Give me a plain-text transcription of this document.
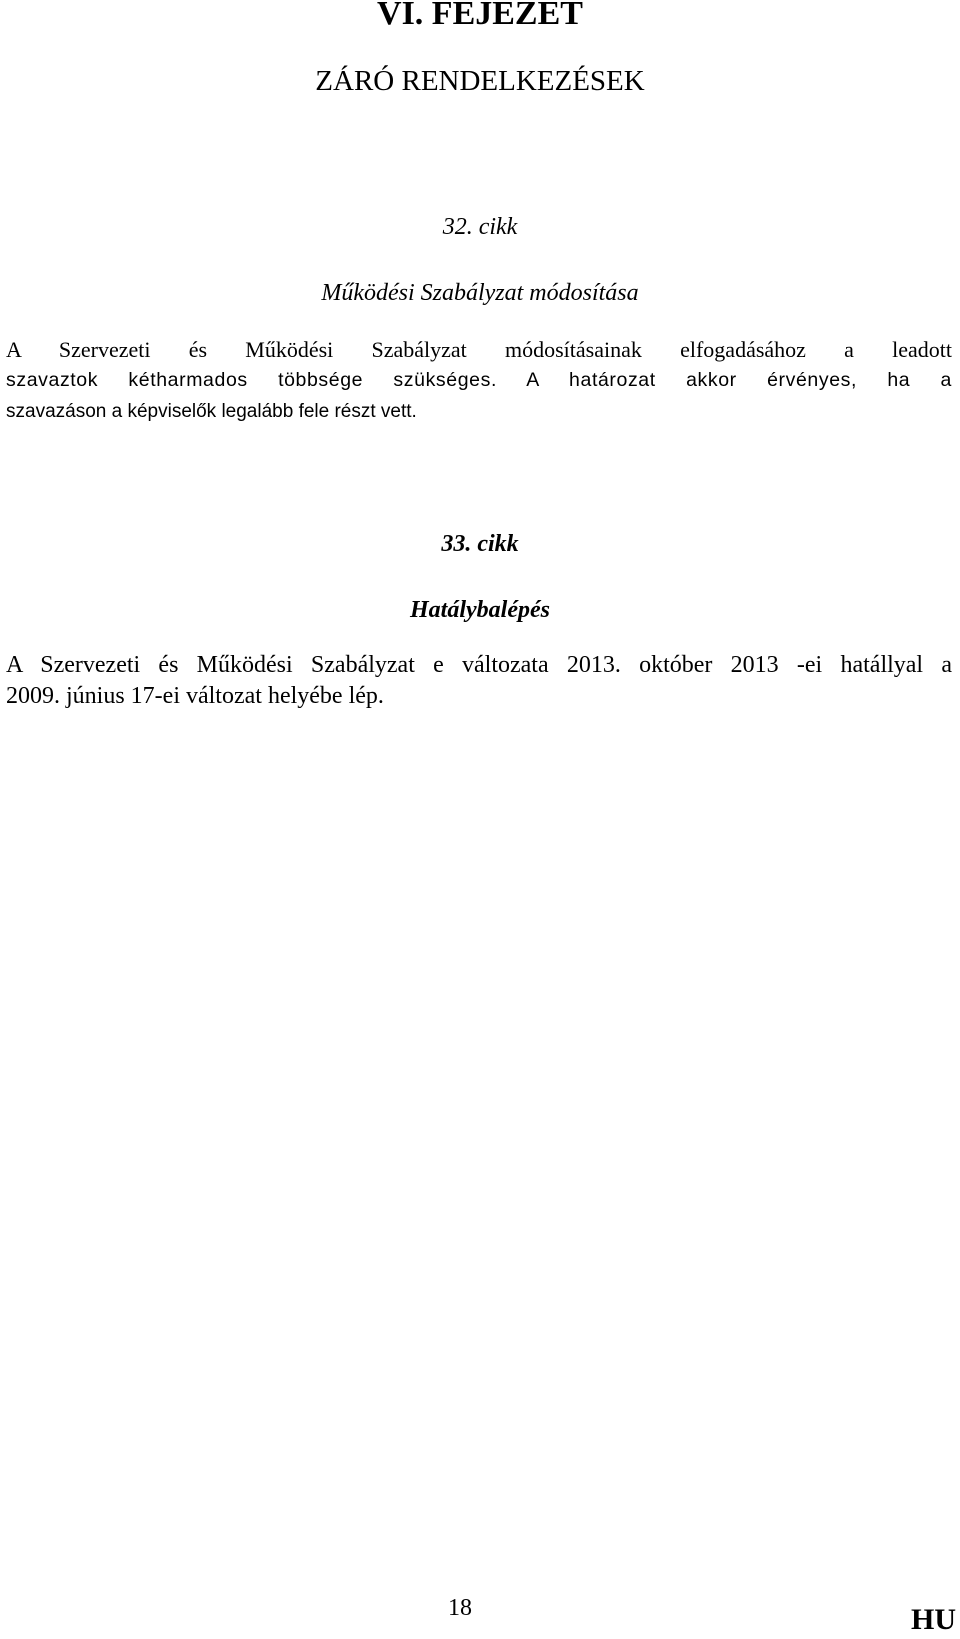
VI. FEJEZET
ZÁRÓ RENDELKEZÉSEK
32. cikk
Működési Szabályzat módosítása
A Szervezeti és Működési Szabályzat módosításainak elfogadásához a leadott
szavaztok kétharmados többsége szükséges. A határozat akkor érvényes, ha a
szavazáson a képviselők legalább fele részt vett.
33. cikk
Hatálybalépés
A Szervezeti és Működési Szabályzat e változata 2013. október 2013 -ei hatállyal a
2009. június 17-ei változat helyébe lép.
18	HU
